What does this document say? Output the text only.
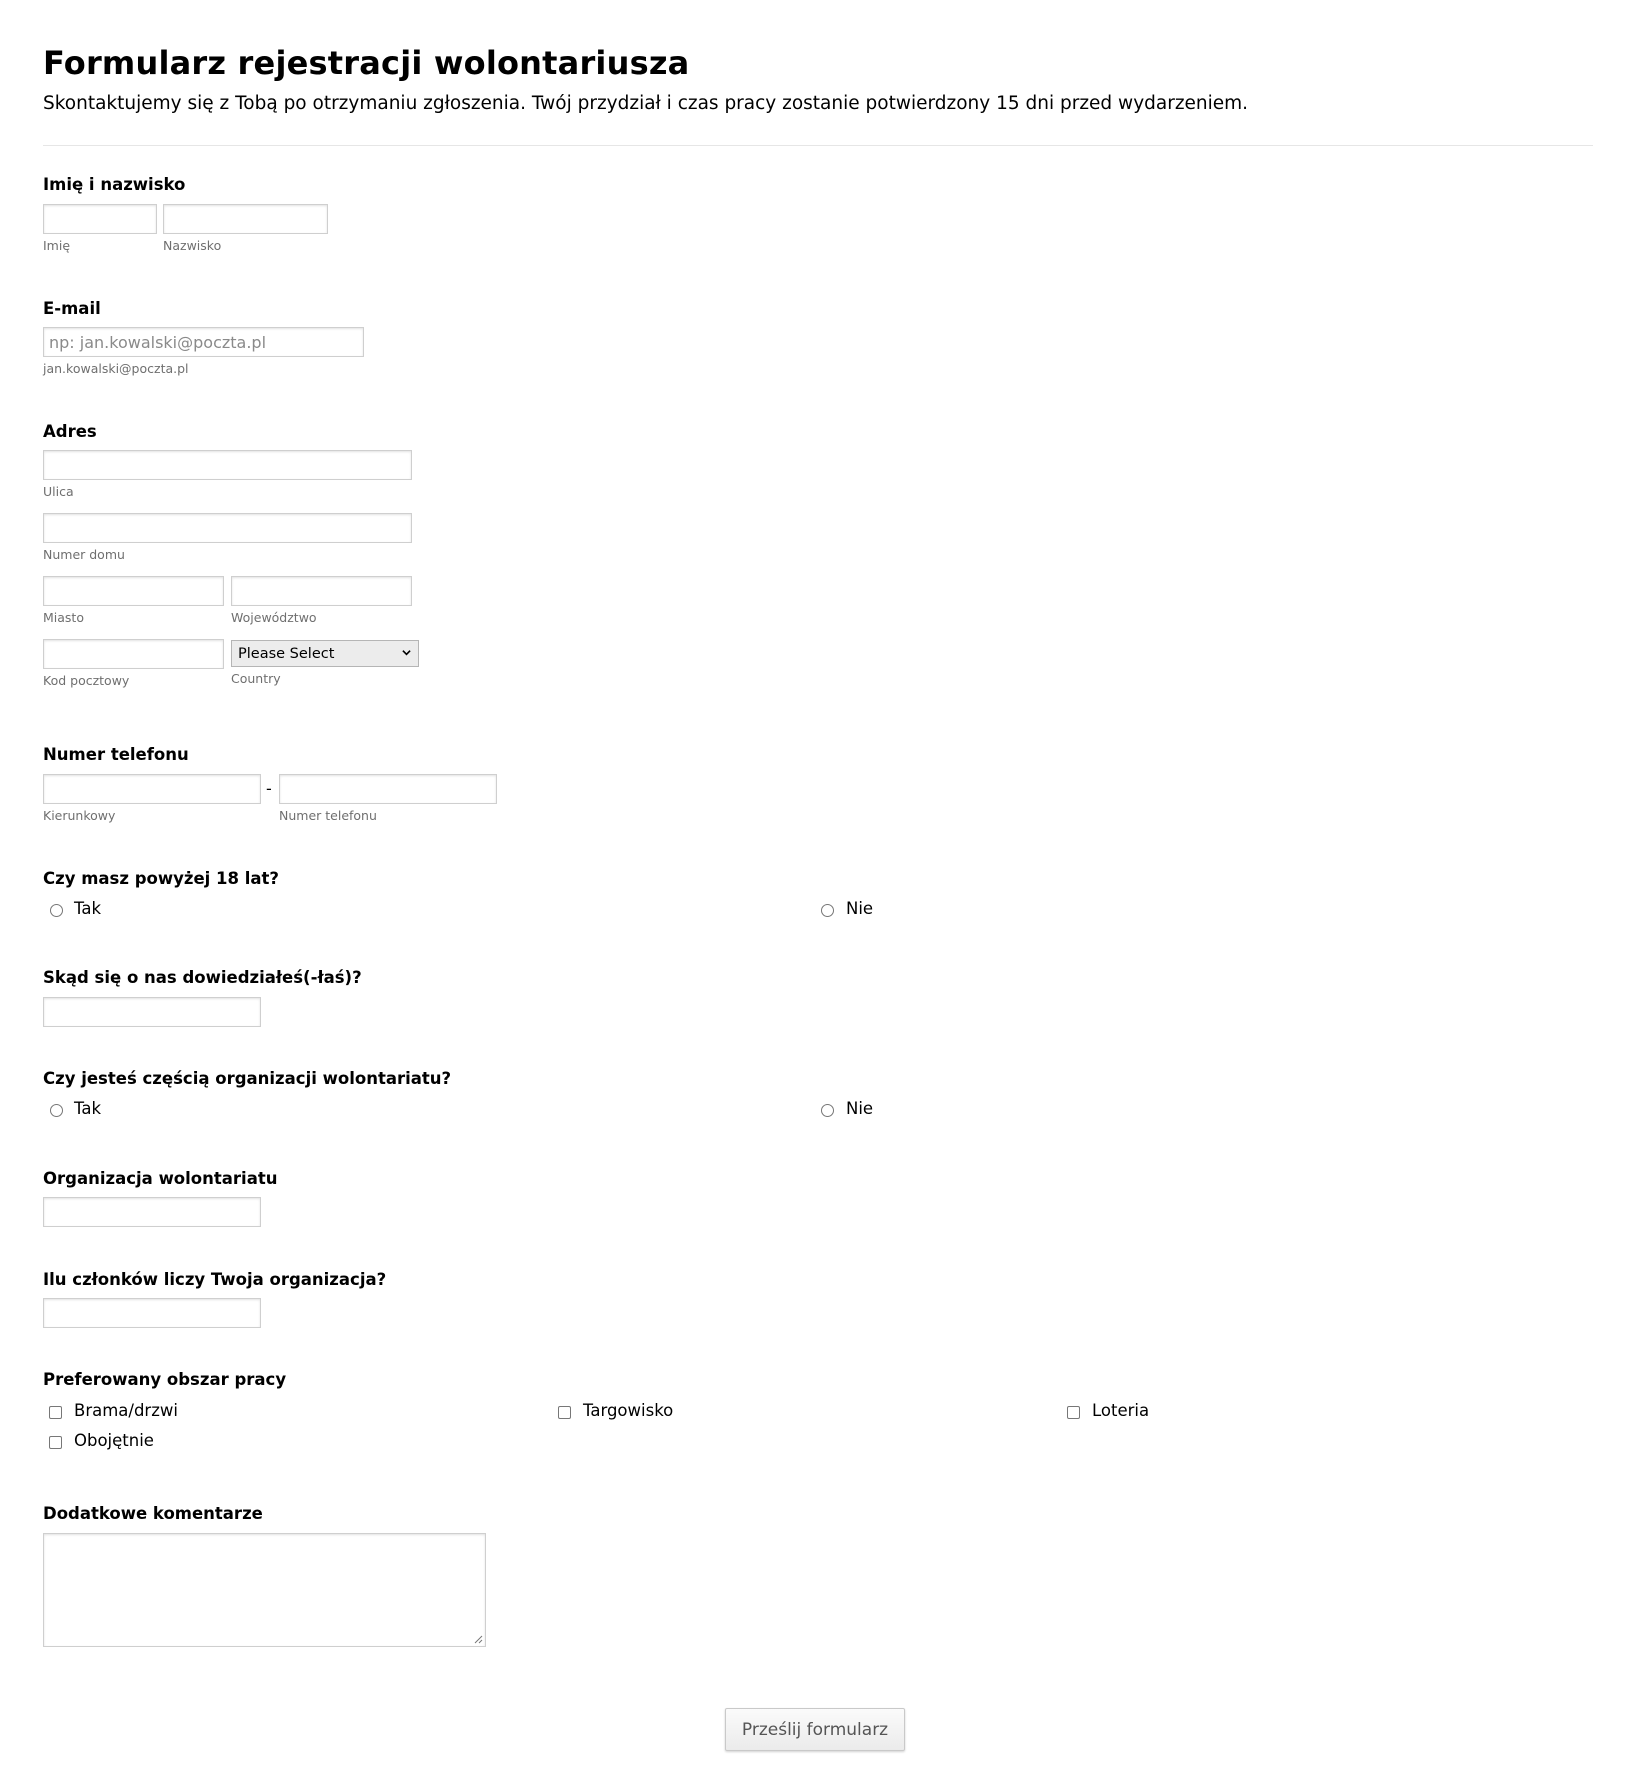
Formularz rejestracji wolontariusza

Skontaktujemy się z Tobą po otrzymaniu zgłoszenia. Twój przydział i czas pracy zostanie potwierdzony 15 dni przed wydarzeniem.

Imię i nazwisko
Imię	Nazwisko
E-mail
np: jan.kowalski@poczta.pl
jan.kowalski@poczta.pl
Adres
Ulica
Numer domu
Miasto	Województwo
Please Select
Kod pocztowy	Country
Numer telefonu
-
Kierunkowy	Numer telefonu
Czy masz powyżej 18 lat?
Tak	Nie
Skąd się o nas dowiedziałeś(-łaś)?
Czy jesteś częścią organizacji wolontariatu?
Tak	Nie
Organizacja wolontariatu
Ilu członków liczy Twoja organizacja?
Preferowany obszar pracy
Brama/drzwi	Targowisko	Loteria
Obojętnie
Dodatkowe komentarze
Prześlij formularz
